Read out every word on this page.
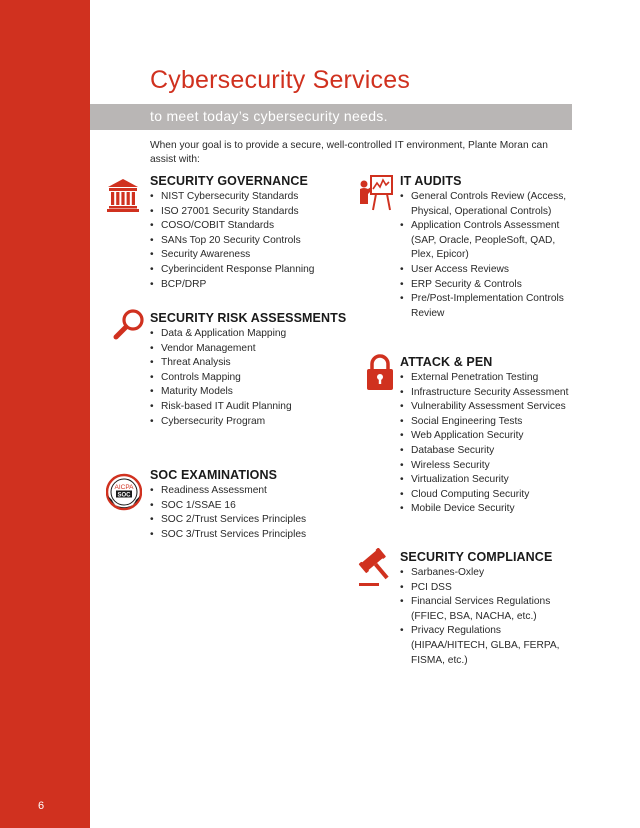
6
Cybersecurity Services
to meet today’s cybersecurity needs.

When your goal is to provide a secure, well-controlled IT environment, Plante Moran can assist with:

AICPA
SOC
SECURITY GOVERNANCE
• NIST Cybersecurity Standards
• ISO 27001 Security Standards
• COSO/COBIT Standards
• SANs Top 20 Security Controls
• Security Awareness
• Cyberincident Response Planning
• BCP/DRP
SECURITY RISK ASSESSMENTS
• Data & Application Mapping
• Vendor Management
• Threat Analysis
• Controls Mapping
• Maturity Models
• Risk-based IT Audit Planning
• Cybersecurity Program
SOC EXAMINATIONS
• Readiness Assessment
• SOC 1/SSAE 16
• SOC 2/Trust Services Principles
• SOC 3/Trust Services Principles
IT AUDITS
• General Controls Review (Access, Physical, Operational Controls)
• Application Controls Assessment (SAP, Oracle, PeopleSoft, QAD, Plex, Epicor)
• User Access Reviews
• ERP Security & Controls
• Pre/Post-Implementation Controls Review
ATTACK & PEN
• External Penetration Testing
• Infrastructure Security Assessment
• Vulnerability Assessment Services
• Social Engineering Tests
• Web Application Security
• Database Security
• Wireless Security
• Virtualization Security
• Cloud Computing Security
• Mobile Device Security
SECURITY COMPLIANCE
• Sarbanes-Oxley
• PCI DSS
• Financial Services Regulations (FFIEC, BSA, NACHA, etc.)
• Privacy Regulations (HIPAA/HITECH, GLBA, FERPA, FISMA, etc.)
